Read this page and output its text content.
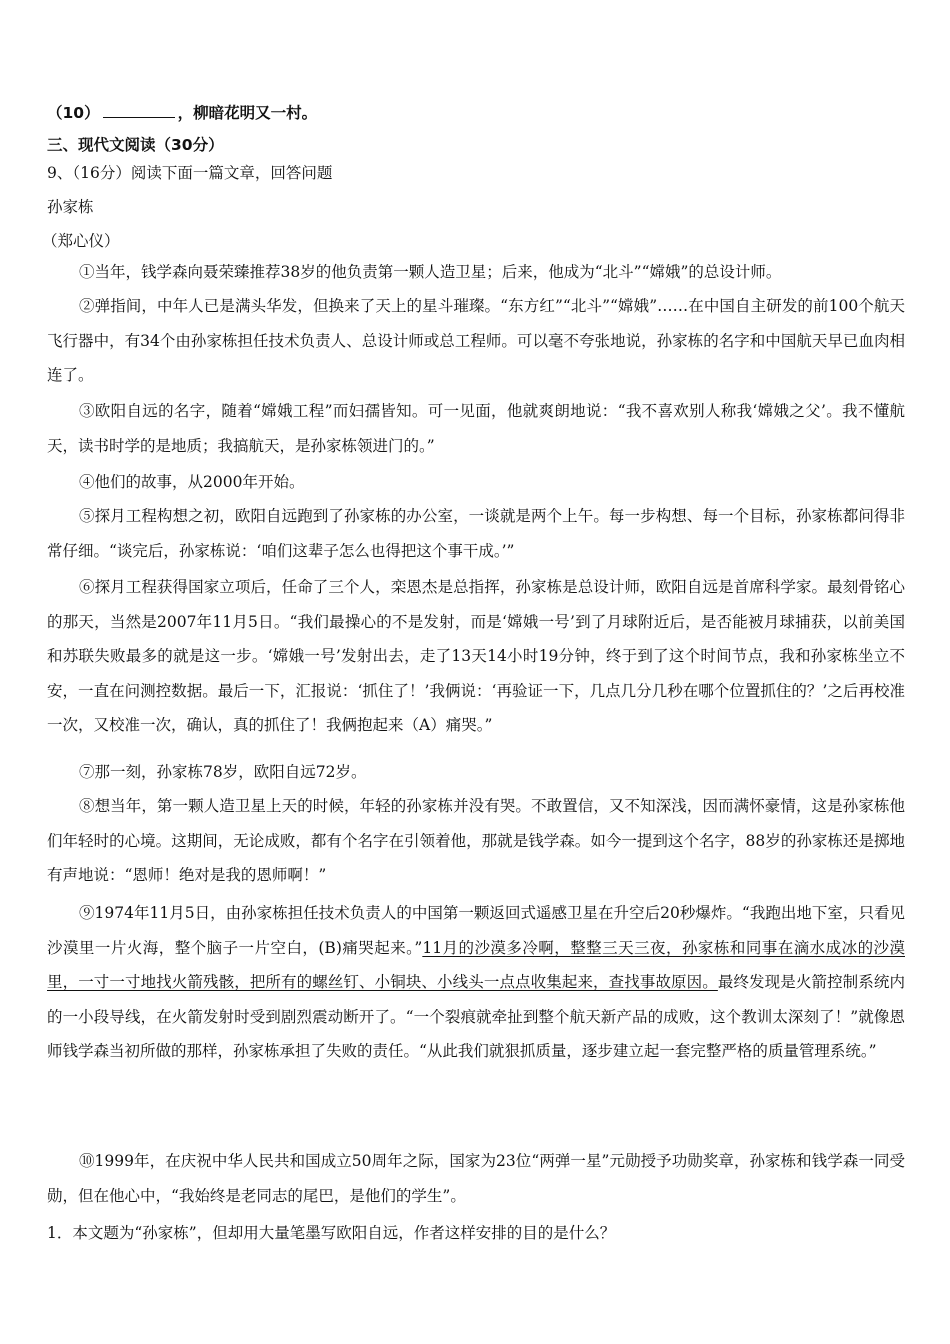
（10）	，柳暗花明又一村。
三、现代文阅读（30分）
9、（16分）阅读下面一篇文章，回答问题
孙家栋
（郑心仪）
①当年，钱学森向聂荣臻推荐38岁的他负责第一颗人造卫星；后来，他成为“北斗”“嫦娥”的总设计师。
②弹指间，中年人已是满头华发，但换来了天上的星斗璀璨。“东方红”“北斗”“嫦娥”……在中国自主研发的前100个航天飞行器中，有34个由孙家栋担任技术负责人、总设计师或总工程师。可以毫不夸张地说，孙家栋的名字和中国航天早已血肉相连了。
③欧阳自远的名字，随着“嫦娥工程”而妇孺皆知。可一见面，他就爽朗地说：“我不喜欢别人称我‘嫦娥之父’。我不懂航天，读书时学的是地质；我搞航天，是孙家栋领进门的。”
④他们的故事，从2000年开始。
⑤探月工程构想之初，欧阳自远跑到了孙家栋的办公室，一谈就是两个上午。每一步构想、每一个目标，孙家栋都问得非常仔细。“谈完后，孙家栋说：‘咱们这辈子怎么也得把这个事干成。’”
⑥探月工程获得国家立项后，任命了三个人，栾恩杰是总指挥，孙家栋是总设计师，欧阳自远是首席科学家。最刻骨铭心的那天，当然是2007年11月5日。“我们最操心的不是发射，而是‘嫦娥一号’到了月球附近后，是否能被月球捕获，以前美国和苏联失败最多的就是这一步。‘嫦娥一号’发射出去，走了13天14小时19分钟，终于到了这个时间节点，我和孙家栋坐立不安，一直在问测控数据。最后一下，汇报说：‘抓住了！’我俩说：‘再验证一下，几点几分几秒在哪个位置抓住的？’之后再校准一次，又校准一次，确认，真的抓住了！我俩抱起来（A）痛哭。”
⑦那一刻，孙家栋78岁，欧阳自远72岁。
⑧想当年，第一颗人造卫星上天的时候，年轻的孙家栋并没有哭。不敢置信，又不知深浅，因而满怀豪情，这是孙家栋他们年轻时的心境。这期间，无论成败，都有个名字在引领着他，那就是钱学森。如今一提到这个名字，88岁的孙家栋还是掷地有声地说：“恩师！绝对是我的恩师啊！”
⑨1974年11月5日，由孙家栋担任技术负责人的中国第一颗返回式遥感卫星在升空后20秒爆炸。“我跑出地下室，只看见沙漠里一片火海，整个脑子一片空白，(B)痛哭起来。”11月的沙漠多冷啊，整整三天三夜，孙家栋和同事在滴水成冰的沙漠里，一寸一寸地找火箭残骸，把所有的螺丝钉、小铜块、小线头一点点收集起来，查找事故原因。最终发现是火箭控制系统内的一小段导线，在火箭发射时受到剧烈震动断开了。“一个裂痕就牵扯到整个航天新产品的成败，这个教训太深刻了！”就像恩师钱学森当初所做的那样，孙家栋承担了失败的责任。“从此我们就狠抓质量，逐步建立起一套完整严格的质量管理系统。”
⑩1999年，在庆祝中华人民共和国成立50周年之际，国家为23位“两弹一星”元勋授予功勋奖章，孙家栋和钱学森一同受勋，但在他心中，“我始终是老同志的尾巴，是他们的学生”。
1．本文题为“孙家栋”，但却用大量笔墨写欧阳自远，作者这样安排的目的是什么？
